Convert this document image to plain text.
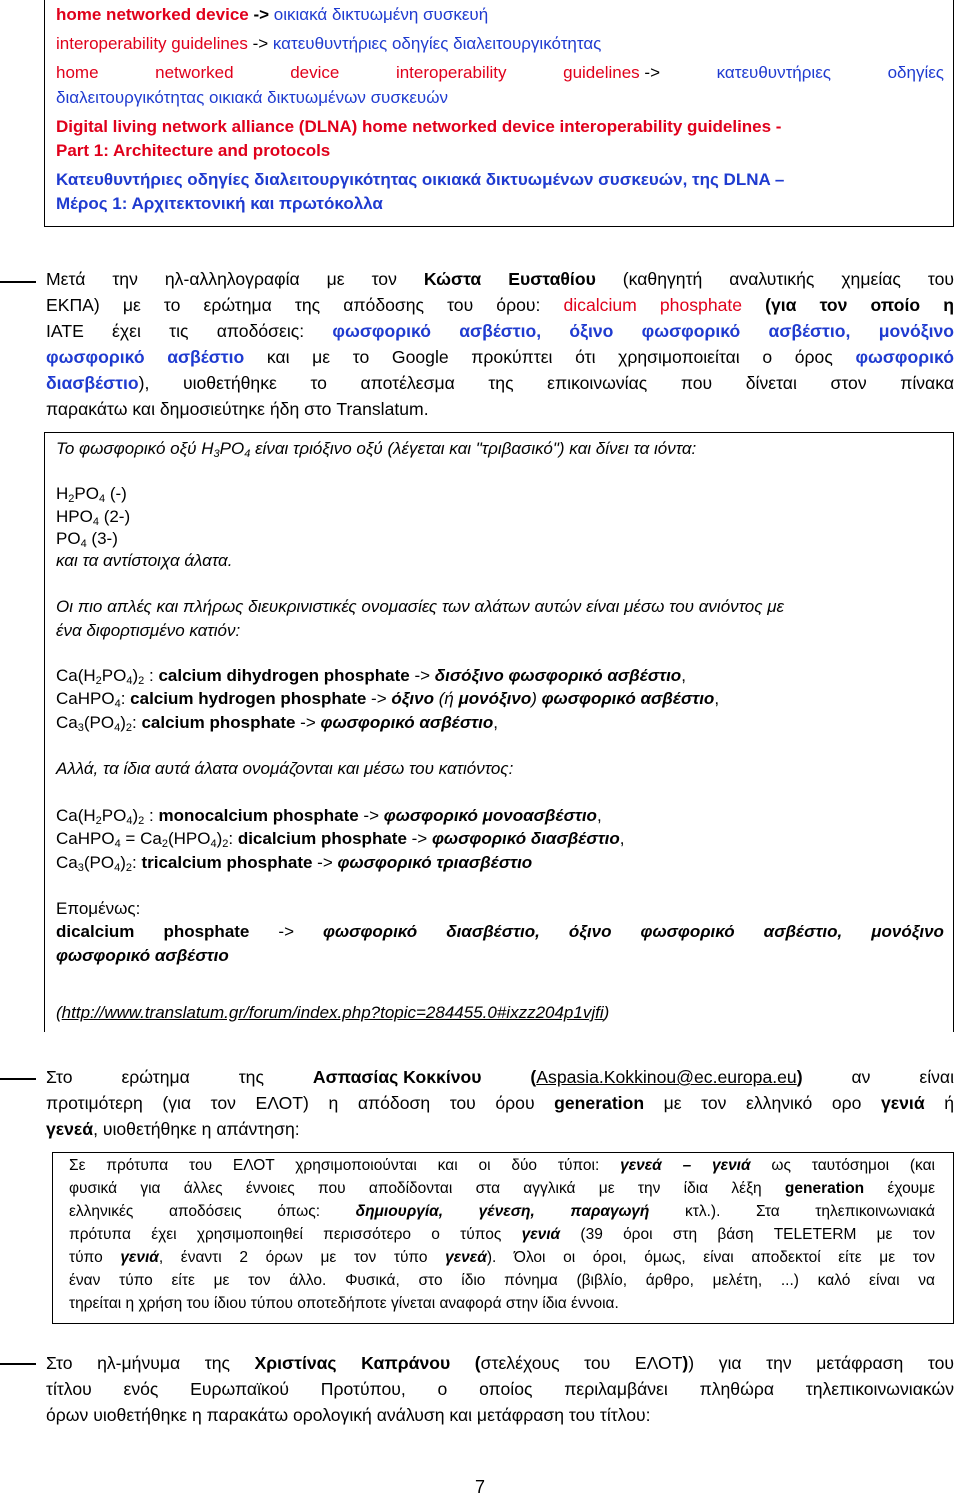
home networked device -> οικιακά δικτυωμένη συσκευή
interoperability guidelines -> κατευθυντήριες οδηγίες διαλειτουργικότητας
home	networked	device	interoperability	guidelines ->	κατευθυντήριες	οδηγίες
διαλειτουργικότητας οικιακά δικτυωμένων συσκευών
Digital living network alliance (DLNA) home networked device interoperability guidelines -
Part 1: Architecture and protocols
Κατευθυντήριες οδηγίες διαλειτουργικότητας οικιακά δικτυωμένων συσκευών, της DLNA –
Μέρος 1: Αρχιτεκτονική και πρωτόκολλα
Μετά την ηλ-αλληλογραφία με τον Κώστα Ευσταθίου (καθηγητή αναλυτικής χημείας του
ΕΚΠΑ) με το ερώτημα της απόδοσης του όρου: dicalcium phosphate (για τον οποίο η
ΙΑΤΕ έχει τις αποδόσεις: φωσφορικό ασβέστιο, όξινο φωσφορικό ασβέστιο, μονόξινο
φωσφορικό ασβέστιο και με το Google προκύπτει ότι χρησιμοποιείται ο όρος φωσφορικό
διασβέστιο), υιοθετήθηκε το αποτέλεσμα της επικοινωνίας που δίνεται στον πίνακα
παρακάτω και δημοσιεύτηκε ήδη στο Translatum.
Το φωσφορικό οξύ $H_3PO_4$ είναι τριόξινο οξύ (λέγεται και "τριβασικό") και δίνει τα ιόντα:
$H_2PO_4$ (-)
$HPO_4$ (2-)
$PO_4$ (3-)
και τα αντίστοιχα άλατα.
Οι πιο απλές και πλήρως διευκρινιστικές ονομασίες των αλάτων αυτών είναι μέσω του ανιόντος με
ένα διφορτισμένο κατιόν:
$Ca(H_2PO_4)_2$ : calcium dihydrogen phosphate -> δισόξινο φωσφορικό ασβέστιο,
CaHPO$_4$: calcium hydrogen phosphate -> όξινο (ή μονόξινο) φωσφορικό ασβέστιο,
$Ca_3(PO_4)_2$: calcium phosphate -> φωσφορικό ασβέστιο,
Αλλά, τα ίδια αυτά άλατα ονομάζονται και μέσω του κατιόντος:
$Ca(H_2PO_4)_2$ : monocalcium phosphate -> φωσφορικό μονοασβέστιο,
CaHPO$_4$ = $Ca_2(HPO_4)_2$: dicalcium phosphate -> φωσφορικό διασβέστιο,
$Ca_3(PO_4)_2$: tricalcium phosphate -> φωσφορικό τριασβέστιο
Επομένως:
dicalcium phosphate -> φωσφορικό διασβέστιο, όξινο φωσφορικό ασβέστιο, μονόξινο
φωσφορικό ασβέστιο
(http://www.translatum.gr/forum/index.php?topic=284455.0#ixzz204p1vjfi)
Στο	ερώτημα	της	Ασπασίας Κοκκίνου	(Aspasia.Kokkinou@ec.europa.eu)	αν	είναι
προτιμότερη (για τον ΕΛΟΤ) η απόδοση του όρου generation με τον ελληνικό ορο γενιά ή
γενεά, υιοθετήθηκε η απάντηση:
Σε πρότυπα του ΕΛΟΤ χρησιμοποιούνται και οι δύο τύποι: γενεά – γενιά ως ταυτόσημοι (και
φυσικά για άλλες έννοιες που αποδίδονται στα αγγλικά με την ίδια λέξη generation έχουμε
ελληνικές αποδόσεις όπως: δημιουργία, γένεση, παραγωγή κτλ.). Στα τηλεπικοινωνιακά
πρότυπα έχει χρησιμοποιηθεί περισσότερο ο τύπος γενιά (39 όροι στη βάση TELETERM με τον
τύπο γενιά, έναντι 2 όρων με τον τύπο γενεά). Όλοι οι όροι, όμως, είναι αποδεκτοί είτε με τον
έναν τύπο είτε με τον άλλο. Φυσικά, στο ίδιο πόνημα (βιβλίο, άρθρο, μελέτη, ...) καλό είναι να
τηρείται η χρήση του ίδιου τύπου οποτεδήποτε γίνεται αναφορά στην ίδια έννοια.
Στο ηλ-μήνυμα της Χριστίνας Καπράνου (στελέχους του ΕΛΟΤ)) για την μετάφραση του
τίτλου ενός Ευρωπαϊκού Προτύπου, ο οποίος περιλαμβάνει πληθώρα τηλεπικοινωνιακών
όρων υιοθετήθηκε η παρακάτω ορολογική ανάλυση και μετάφραση του τίτλου:
7
